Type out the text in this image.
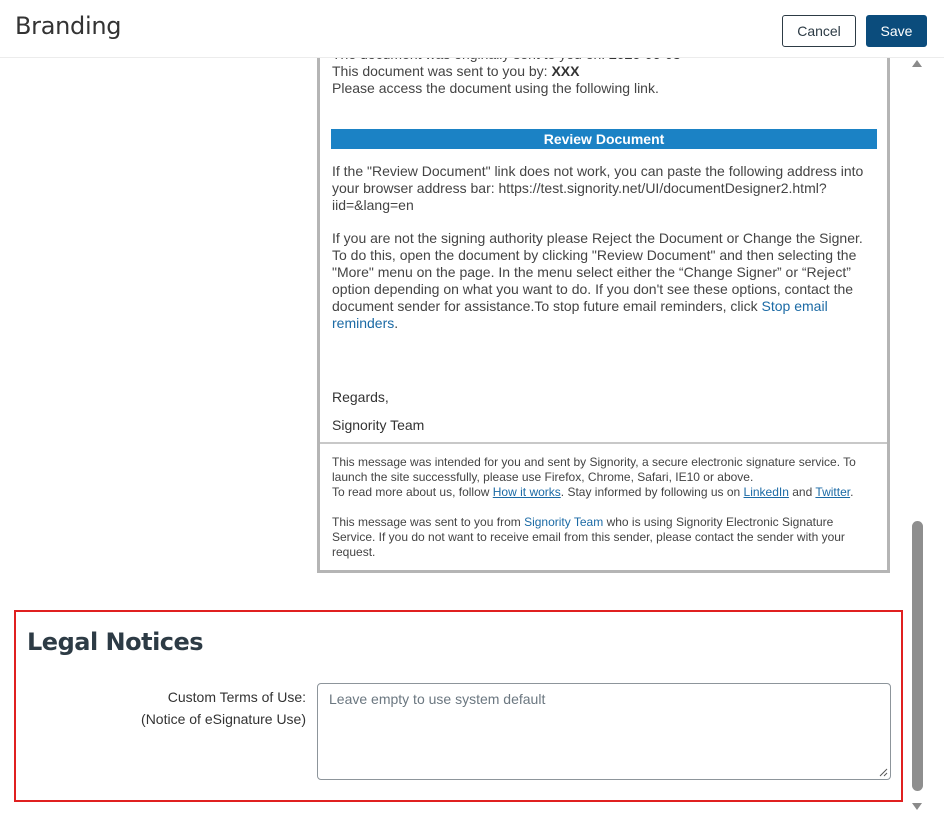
Branding	Cancel	Save
This document was sent to you by: XXX
Please access the document using the following link.
Review Document
If the "Review Document" link does not work, you can paste the following address into
your browser address bar: https://test.signority.net/UI/documentDesigner2.html?
iid=&lang=en
If you are not the signing authority please Reject the Document or Change the Signer.
To do this, open the document by clicking "Review Document" and then selecting the
"More" menu on the page. In the menu select either the “Change Signer” or “Reject”
option depending on what you want to do. If you don't see these options, contact the
document sender for assistance.To stop future email reminders, click Stop email
reminders.
Regards,
Signority Team
This message was intended for you and sent by Signority, a secure electronic signature service. To
launch the site successfully, please use Firefox, Chrome, Safari, IE10 or above.
To read more about us, follow How it works. Stay informed by following us on LinkedIn and Twitter.
This message was sent to you from Signority Team who is using Signority Electronic Signature
Service. If you do not want to receive email from this sender, please contact the sender with your
request.
Legal Notices
Custom Terms of Use:
(Notice of eSignature Use)
Leave empty to use system default
